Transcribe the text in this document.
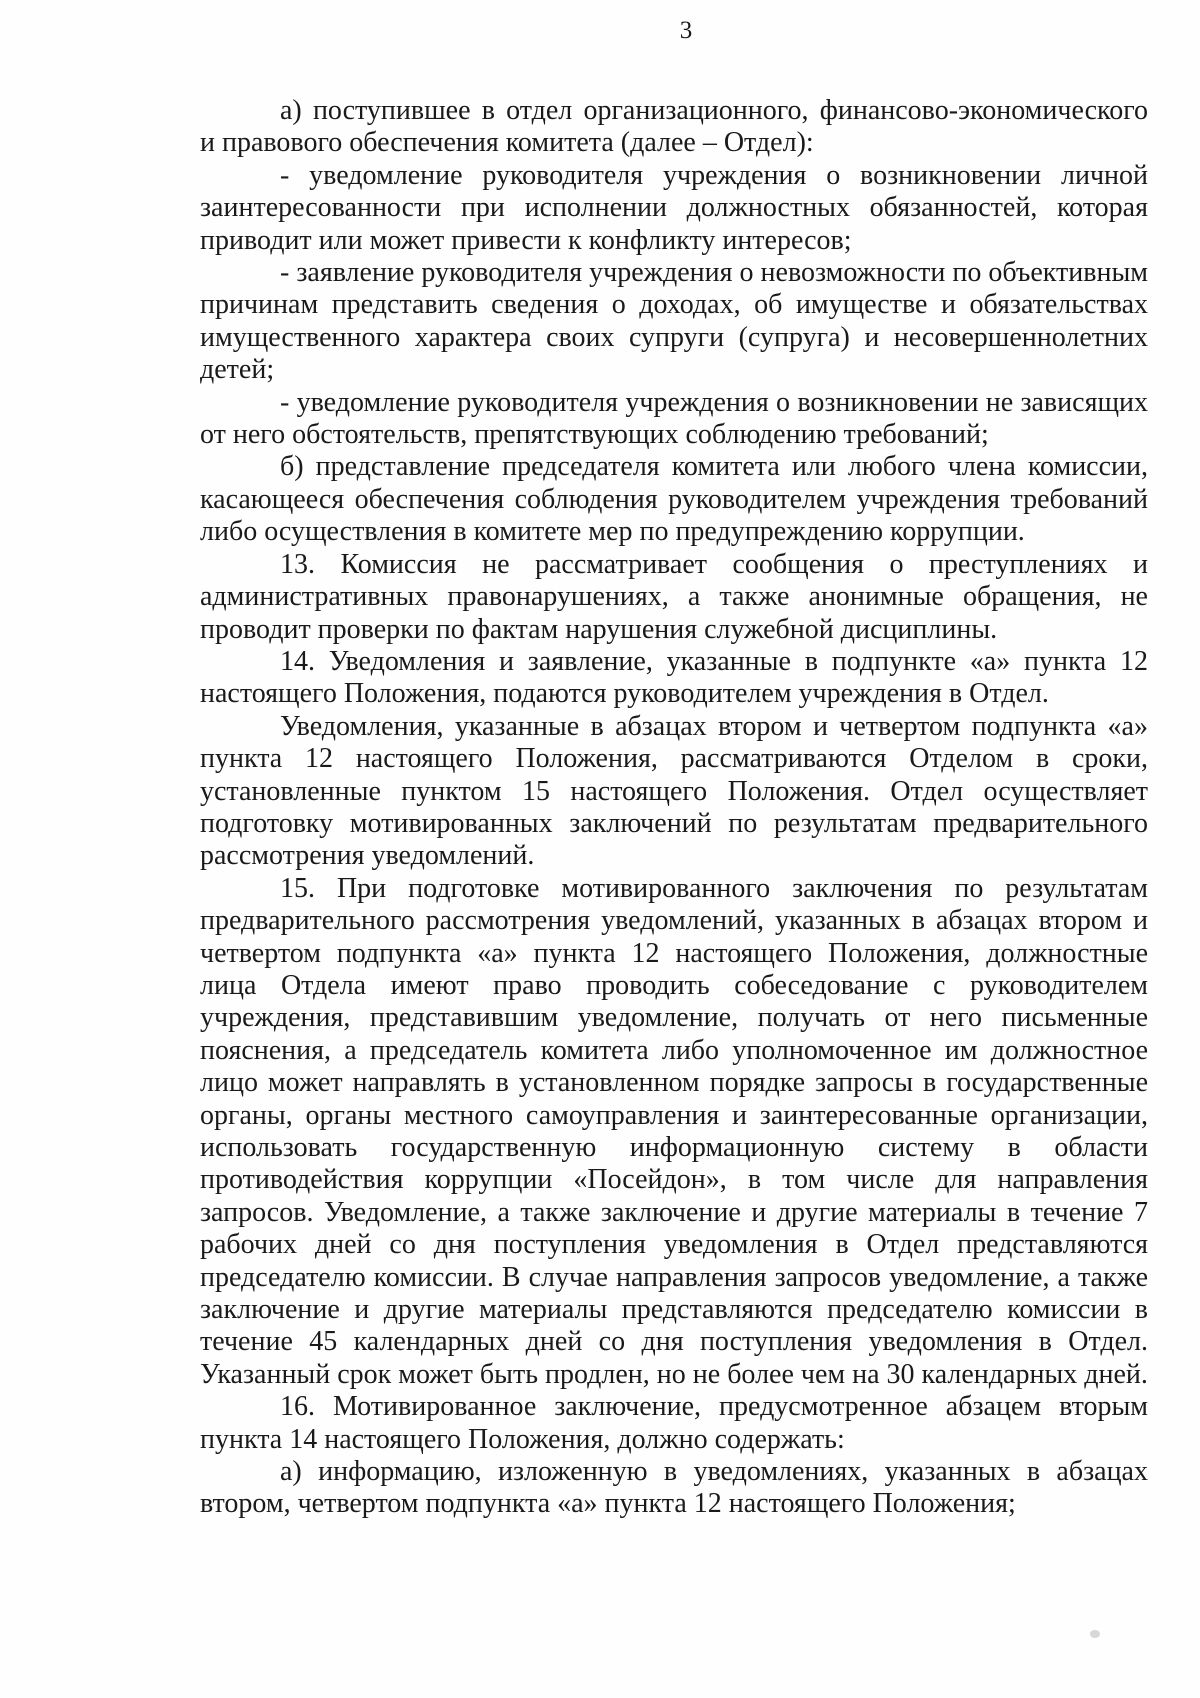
3

а) поступившее в отдел организационного, финансово-экономического и правового обеспечения комитета (далее – Отдел):

- уведомление руководителя учреждения о возникновении личной заинтересованности при исполнении должностных обязанностей, которая приводит или может привести к конфликту интересов;

- заявление руководителя учреждения о невозможности по объективным причинам представить сведения о доходах, об имуществе и обязательствах имущественного характера своих супруги (супруга) и несовершеннолетних детей;

- уведомление руководителя учреждения о возникновении не зависящих от него обстоятельств, препятствующих соблюдению требований;

б) представление председателя комитета или любого члена комиссии, касающееся обеспечения соблюдения руководителем учреждения требований либо осуществления в комитете мер по предупреждению коррупции.

13. Комиссия не рассматривает сообщения о преступлениях и административных правонарушениях, а также анонимные обращения, не проводит проверки по фактам нарушения служебной дисциплины.

14. Уведомления и заявление, указанные в подпункте «а» пункта 12 настоящего Положения, подаются руководителем учреждения в Отдел.

Уведомления, указанные в абзацах втором и четвертом подпункта «а» пункта 12 настоящего Положения, рассматриваются Отделом в сроки, установленные пунктом 15 настоящего Положения. Отдел осуществляет подготовку мотивированных заключений по результатам предварительного рассмотрения уведомлений.

15. При подготовке мотивированного заключения по результатам предварительного рассмотрения уведомлений, указанных в абзацах втором и четвертом подпункта «а» пункта 12 настоящего Положения, должностные лица Отдела имеют право проводить собеседование с руководителем учреждения, представившим уведомление, получать от него письменные пояснения, а председатель комитета либо уполномоченное им должностное лицо может направлять в установленном порядке запросы в государственные органы, органы местного самоуправления и заинтересованные организации, использовать государственную информационную систему в области противодействия коррупции «Посейдон», в том числе для направления запросов. Уведомление, а также заключение и другие материалы в течение 7 рабочих дней со дня поступления уведомления в Отдел представляются председателю комиссии. В случае направления запросов уведомление, а также заключение и другие материалы представляются председателю комиссии в течение 45 календарных дней со дня поступления уведомления в Отдел. Указанный срок может быть продлен, но не более чем на 30 календарных дней.

16. Мотивированное заключение, предусмотренное абзацем вторым пункта 14 настоящего Положения, должно содержать:

а) информацию, изложенную в уведомлениях, указанных в абзацах втором, четвертом подпункта «а» пункта 12 настоящего Положения;
